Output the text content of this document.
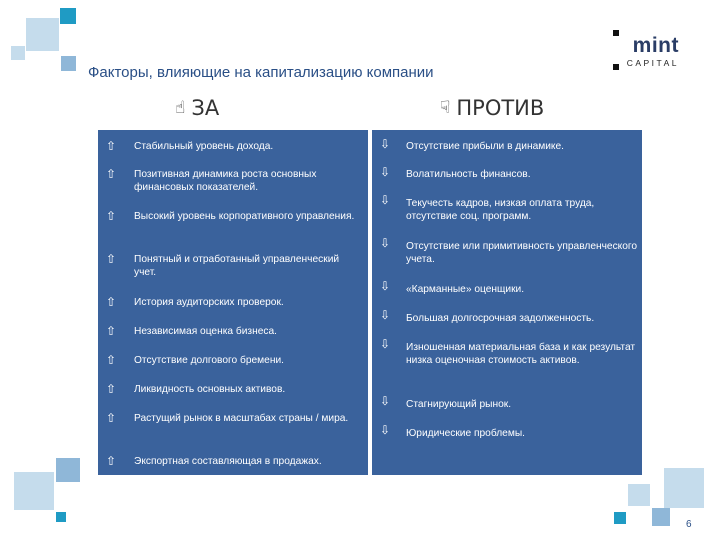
Факторы, влияющие на капитализацию компании
mint
CAPITAL
☝ ЗА	☟ ПРОТИВ
⇧ Стабильный уровень дохода.
⇧ Позитивная динамика роста основных финансовых показателей.
⇧ Высокий уровень корпоративного управления.
⇧ Понятный и отработанный управленческий учет.
⇧ История аудиторских проверок.
⇧ Независимая оценка бизнеса.
⇧ Отсутствие долгового бремени.
⇧ Ликвидность основных активов.
⇧ Растущий рынок в масштабах страны / мира.
⇧ Экспортная составляющая в продажах.
⇩ Отсутствие прибыли в динамике.
⇩ Волатильность финансов.
⇩ Текучесть кадров, низкая оплата труда, отсутствие соц. программ.
⇩ Отсутствие или примитивность управленческого учета.
⇩ «Карманные» оценщики.
⇩ Большая долгосрочная задолженность.
⇩ Изношенная материальная база и как результат низка оценочная стоимость активов.
⇩ Стагнирующий рынок.
⇩ Юридические проблемы.
6
